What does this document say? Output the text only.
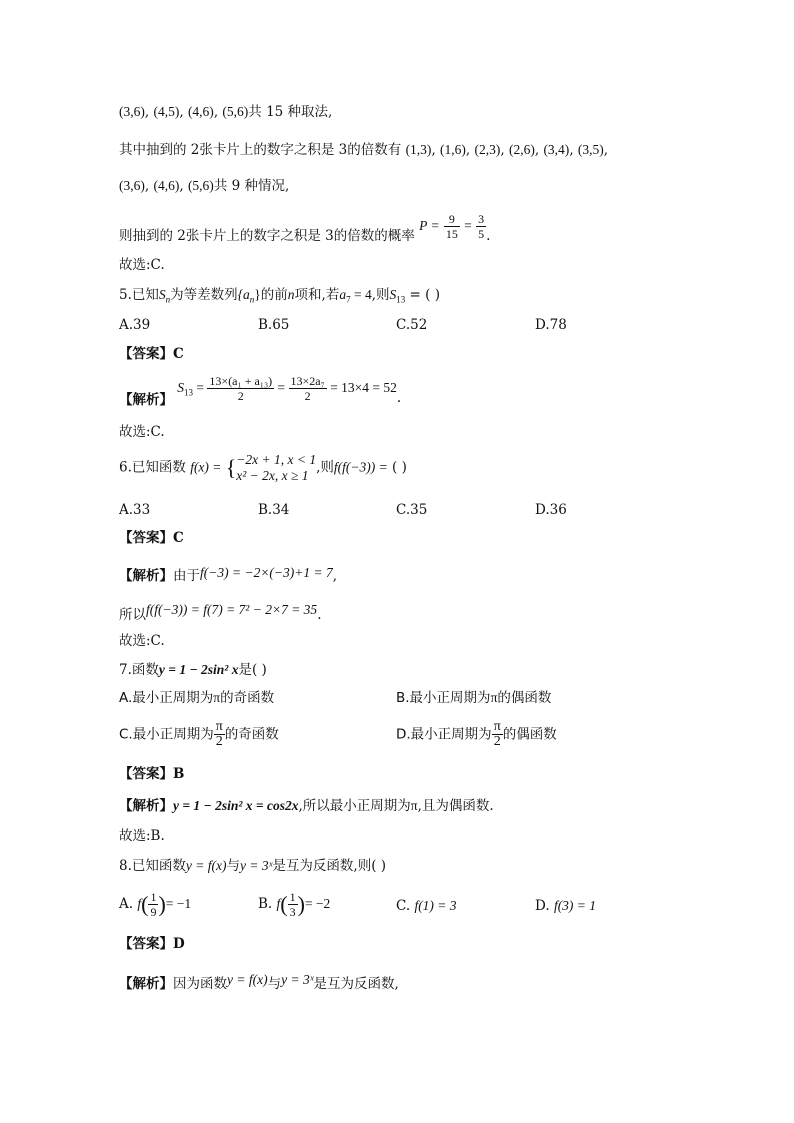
(3,6), (4,5), (4,6), (5,6)共 15 种取法,
其中抽到的 2张卡片上的数字之积是 3的倍数有 (1,3), (1,6), (2,3), (2,6), (3,4), (3,5),
(3,6), (4,6), (5,6)共 9 种情况,
则抽到的 2张卡片上的数字之积是 3的倍数的概率 $P = \frac{9}{15} = \frac{3}{5}$ .
故选:C.
5.已知$S_n$为等差数列$\{a_n\}$的前n项和,若$a_7 = 4$,则$S_{13}$ = ( )
A.39	B.65	C.52	D.78
【答案】C
【解析】 $S_{13} = \frac{\text{13×(a₁ + a₁₃)}}{2} = \frac{\text{13×2a₇}}{2} = 13\times 4 = 52$.
故选:C.
6.已知函数 f(x) = { −2x + 1, x < 1
x² − 2x, x ≥ 1 ,则f(f(−3)) = ( )
A.33	B.34	C.35	D.36
【答案】C
【解析】由于f(−3) = −2×(−3)+1 = 7,
所以f(f(−3)) = f(7) = 7² − 2×7 = 35.
故选:C.
7.函数y = 1 − 2sin² x是( )
A.最小正周期为π的奇函数	B.最小正周期为π的偶函数
C.最小正周期为 $\frac{\pi}{2}$ 的奇函数	D.最小正周期为 $\frac{\pi}{2}$ 的偶函数
【答案】B
【解析】y = 1 − 2sin² x = cos2x,所以最小正周期为π,且为偶函数.
故选:B.
8.已知函数y = f(x)与y = 3ˣ是互为反函数,则( )
A. $f( \frac{1}{9}$ )= −1	B. $f( \frac{1}{3}$ )= −2	C. f(1) = 3	D. f(3) = 1
【答案】D
【解析】因为函数y = f(x)与y = 3ˣ是互为反函数,
